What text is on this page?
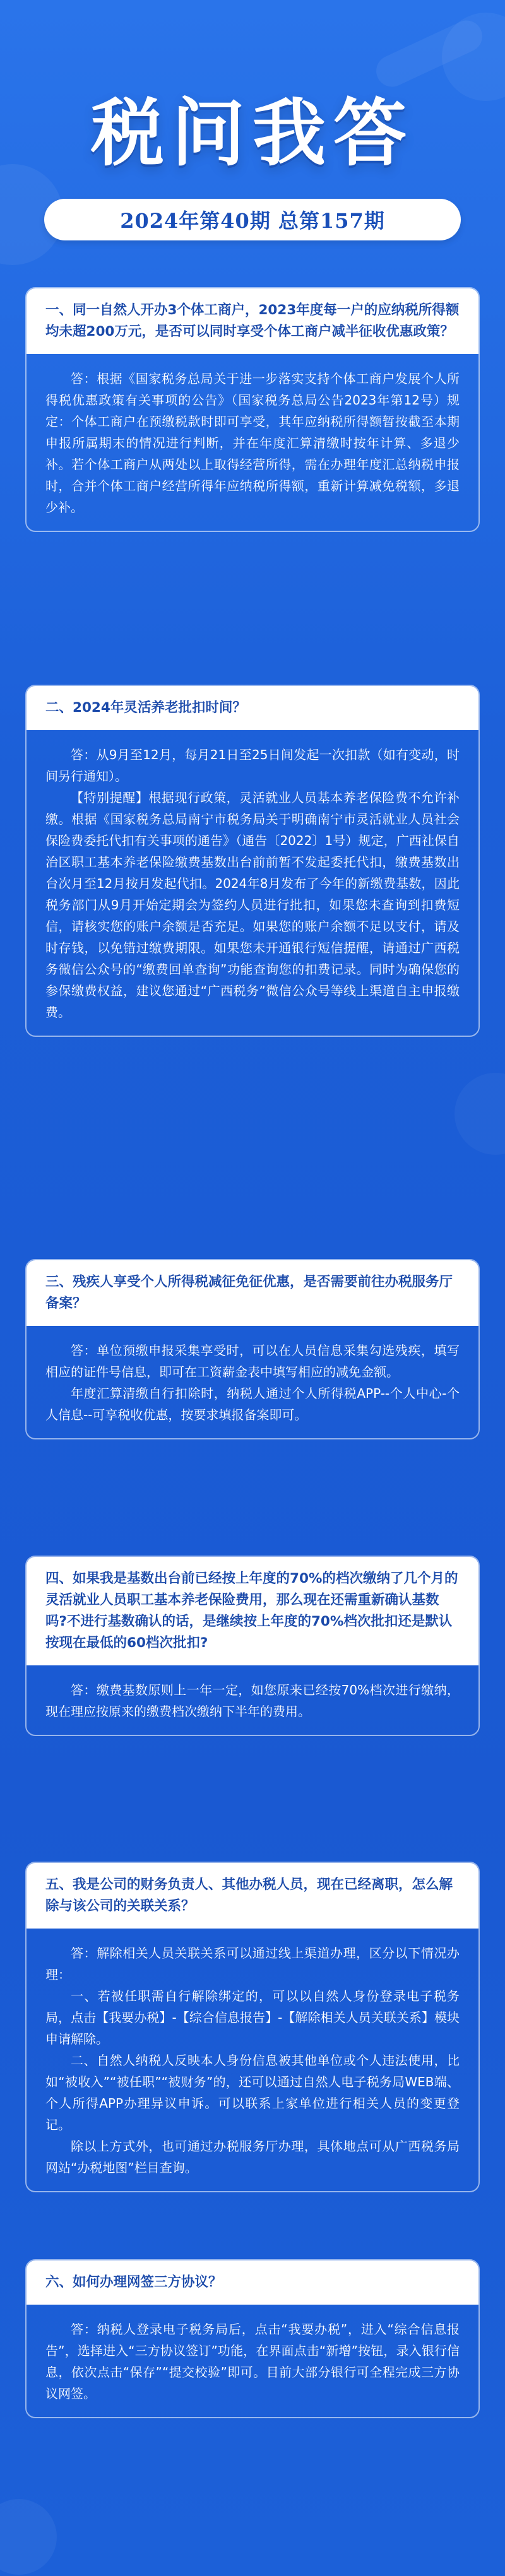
税问我答
2024年第40期 总第157期
一、同一自然人开办3个体工商户，2023年度每一户的应纳税所得额均未超200万元，是否可以同时享受个体工商户减半征收优惠政策？

答：根据《国家税务总局关于进一步落实支持个体工商户发展个人所得税优惠政策有关事项的公告》（国家税务总局公告2023年第12号）规定：个体工商户在预缴税款时即可享受，其年应纳税所得额暂按截至本期申报所属期末的情况进行判断，并在年度汇算清缴时按年计算、多退少补。若个体工商户从两处以上取得经营所得，需在办理年度汇总纳税申报时，合并个体工商户经营所得年应纳税所得额，重新计算减免税额，多退少补。

二、2024年灵活养老批扣时间？

答：从9月至12月，每月21日至25日间发起一次扣款（如有变动，时间另行通知）。

【特别提醒】根据现行政策，灵活就业人员基本养老保险费不允许补缴。根据《国家税务总局南宁市税务局关于明确南宁市灵活就业人员社会保险费委托代扣有关事项的通告》（通告〔2022〕1号）规定，广西社保自治区职工基本养老保险缴费基数出台前前暂不发起委托代扣，缴费基数出台次月至12月按月发起代扣。2024年8月发布了今年的新缴费基数，因此税务部门从9月开始定期会为签约人员进行批扣，如果您未查询到扣费短信，请核实您的账户余额是否充足。如果您的账户余额不足以支付，请及时存钱，以免错过缴费期限。如果您未开通银行短信提醒，请通过广西税务微信公众号的“缴费回单查询”功能查询您的扣费记录。同时为确保您的参保缴费权益，建议您通过“广西税务”微信公众号等线上渠道自主申报缴费。

三、残疾人享受个人所得税减征免征优惠，是否需要前往办税服务厅备案？

答：单位预缴申报采集享受时，可以在人员信息采集勾选残疾，填写相应的证件号信息，即可在工资薪金表中填写相应的减免金额。

年度汇算清缴自行扣除时，纳税人通过个人所得税APP--个人中心-个人信息--可享税收优惠，按要求填报备案即可。

四、如果我是基数出台前已经按上年度的70%的档次缴纳了几个月的灵活就业人员职工基本养老保险费用，那么现在还需重新确认基数吗?不进行基数确认的话，是继续按上年度的70%档次批扣还是默认按现在最低的60档次批扣?

答：缴费基数原则上一年一定，如您原来已经按70%档次进行缴纳，现在理应按原来的缴费档次缴纳下半年的费用。

五、我是公司的财务负责人、其他办税人员，现在已经离职，怎么解除与该公司的关联关系？

答：解除相关人员关联关系可以通过线上渠道办理，区分以下情况办理：

一、若被任职需自行解除绑定的，可以以自然人身份登录电子税务局，点击【我要办税】-【综合信息报告】-【解除相关人员关联关系】模块申请解除。

二、自然人纳税人反映本人身份信息被其他单位或个人违法使用，比如“被收入”“被任职”“被财务”的，还可以通过自然人电子税务局WEB端、个人所得APP办理异议申诉。可以联系上家单位进行相关人员的变更登记。

除以上方式外，也可通过办税服务厅办理，具体地点可从广西税务局网站“办税地图”栏目查询。

六、如何办理网签三方协议？

答：纳税人登录电子税务局后，点击“我要办税”，进入“综合信息报告”，选择进入“三方协议签订”功能，在界面点击“新增”按钮，录入银行信息，依次点击“保存”“提交校验”即可。目前大部分银行可全程完成三方协议网签。
